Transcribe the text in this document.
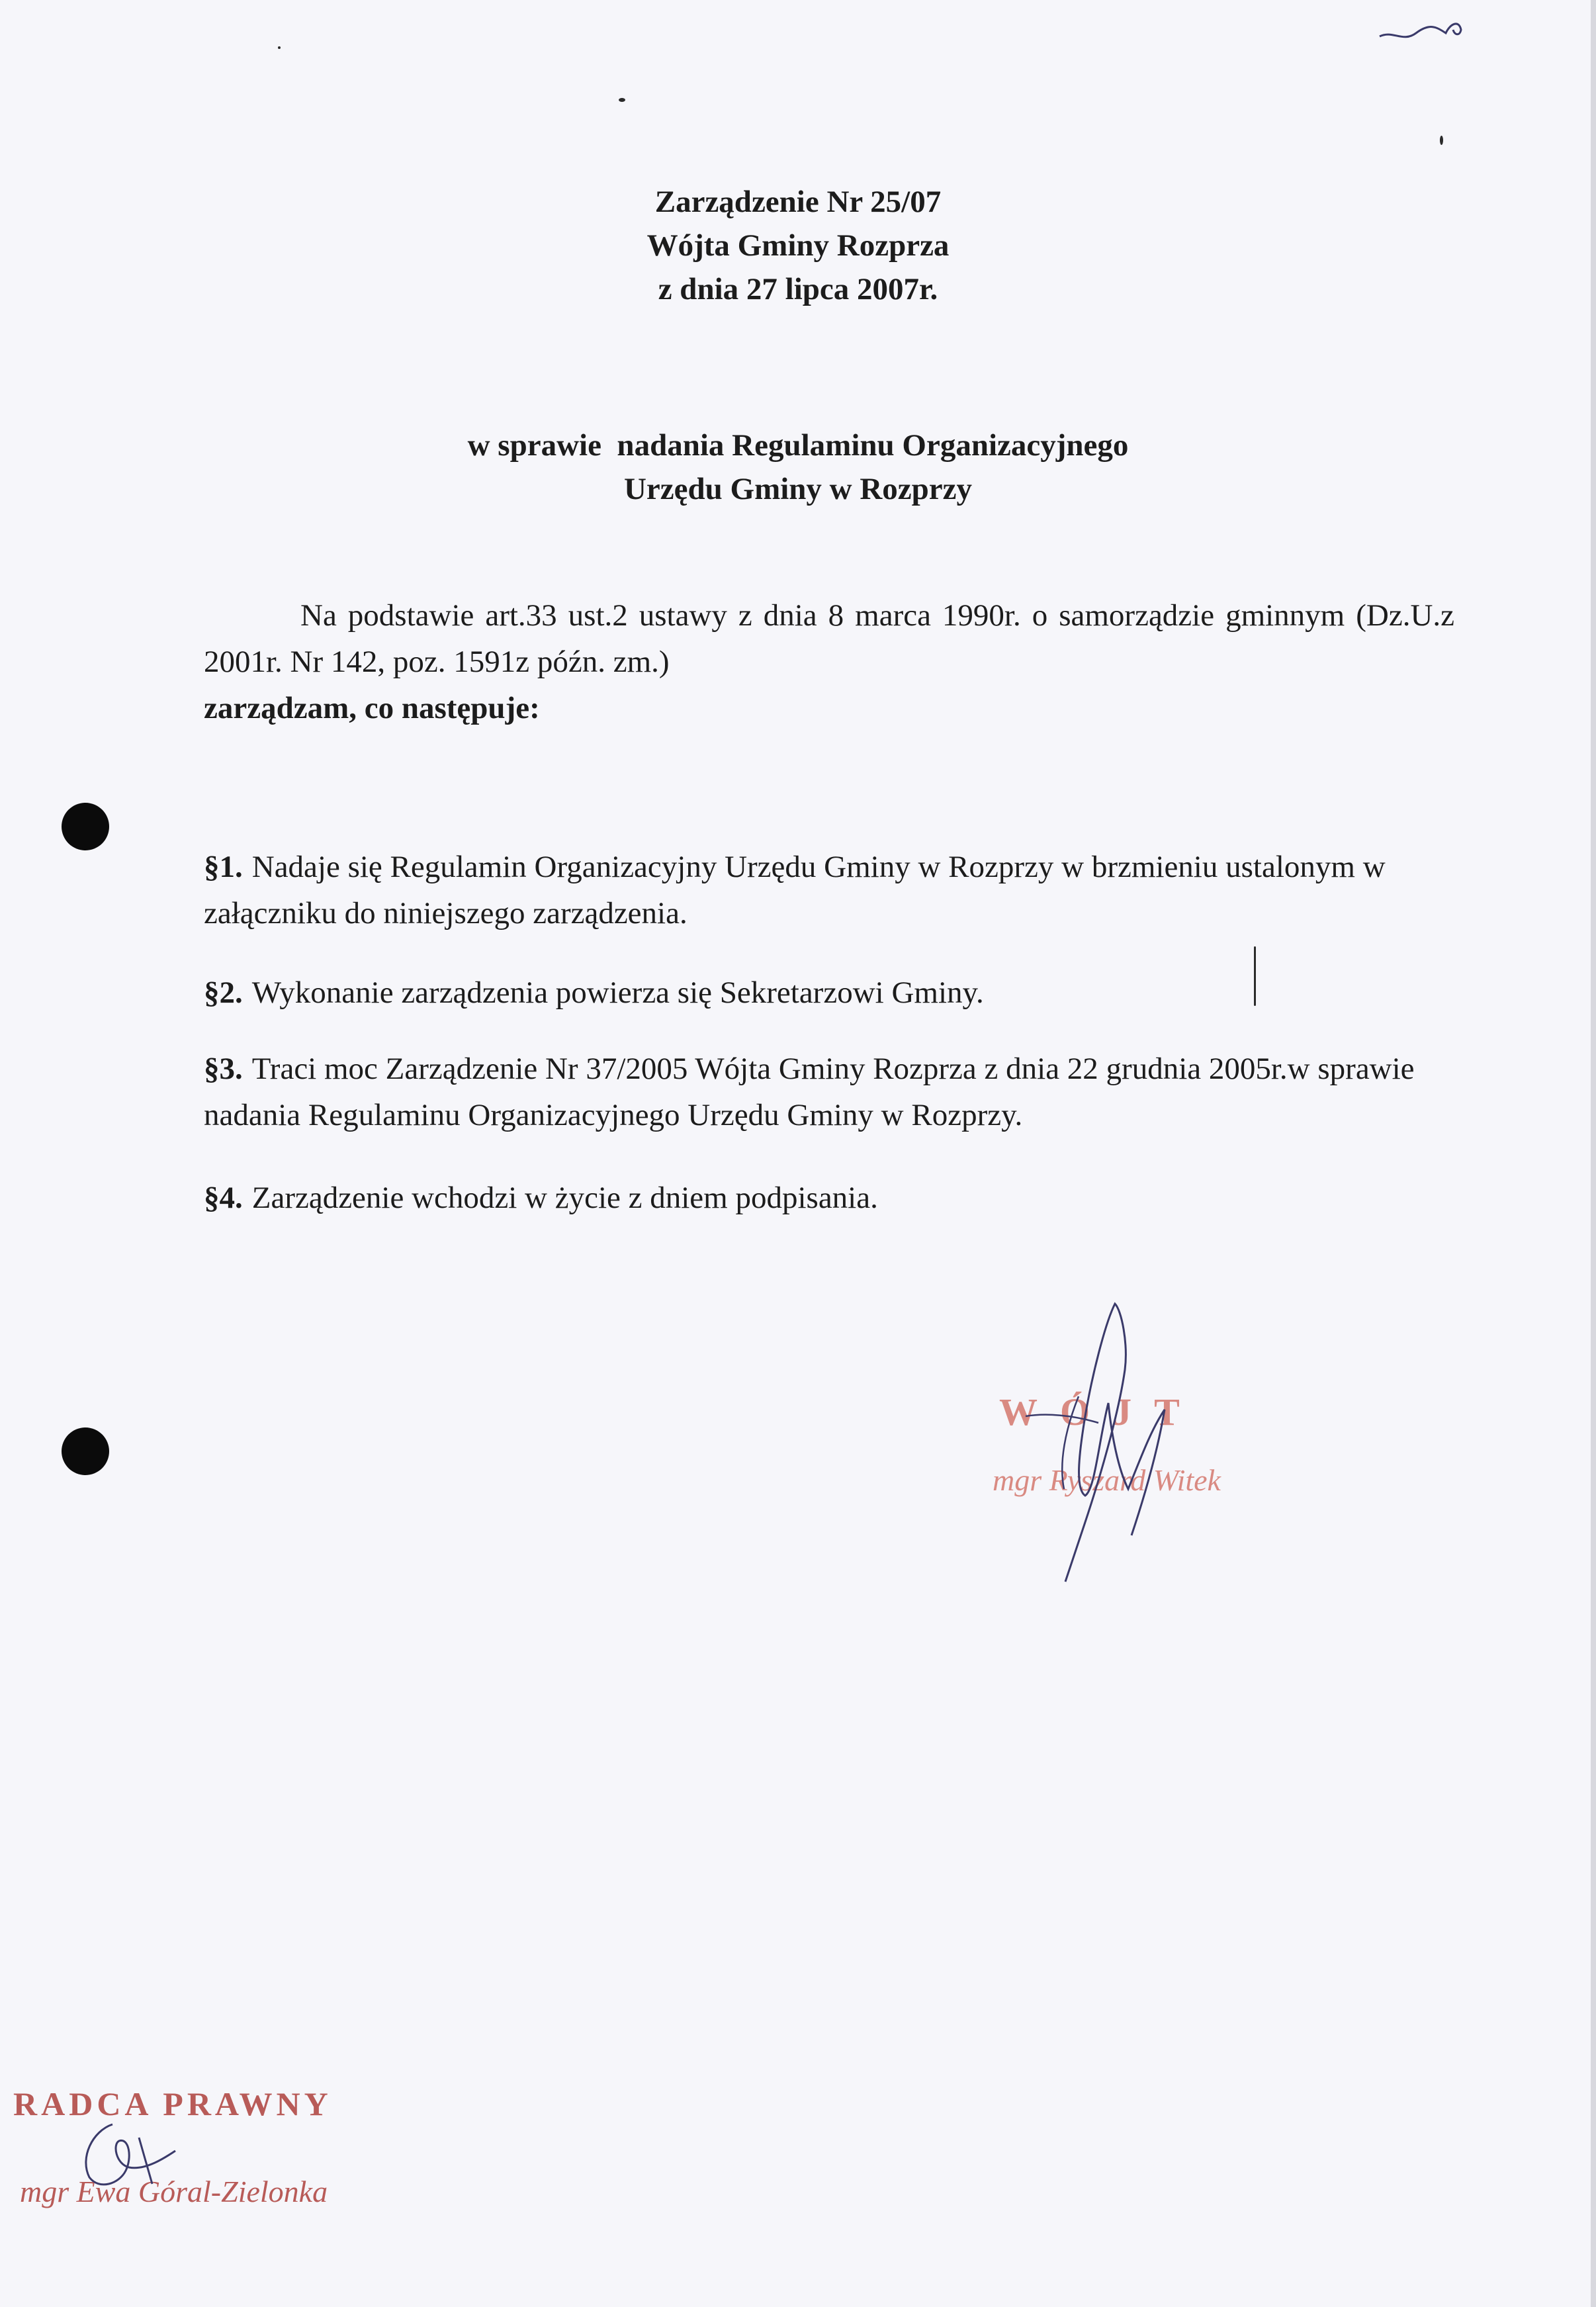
Zarządzenie Nr 25/07
Wójta Gminy Rozprza
z dnia 27 lipca 2007r.
w sprawie  nadania Regulaminu Organizacyjnego
Urzędu Gminy w Rozprzy

Na podstawie art.33 ust.2 ustawy z dnia 8 marca 1990r. o samorządzie gminnym (Dz.U.z 2001r. Nr 142, poz. 1591z późn. zm.)

zarządzam, co następuje:

§1. Nadaje się Regulamin Organizacyjny Urzędu Gminy w Rozprzy w brzmieniu ustalonym w załączniku do niniejszego zarządzenia.

§2. Wykonanie zarządzenia powierza się Sekretarzowi Gminy.

§3. Traci moc Zarządzenie Nr 37/2005 Wójta Gminy Rozprza z dnia 22 grudnia 2005r.w sprawie nadania Regulaminu Organizacyjnego Urzędu Gminy w Rozprzy.

§4. Zarządzenie wchodzi w życie z dniem podpisania.

WÓJT
mgr Ryszard Witek
RADCA PRAWNY
mgr Ewa Góral-Zielonka
